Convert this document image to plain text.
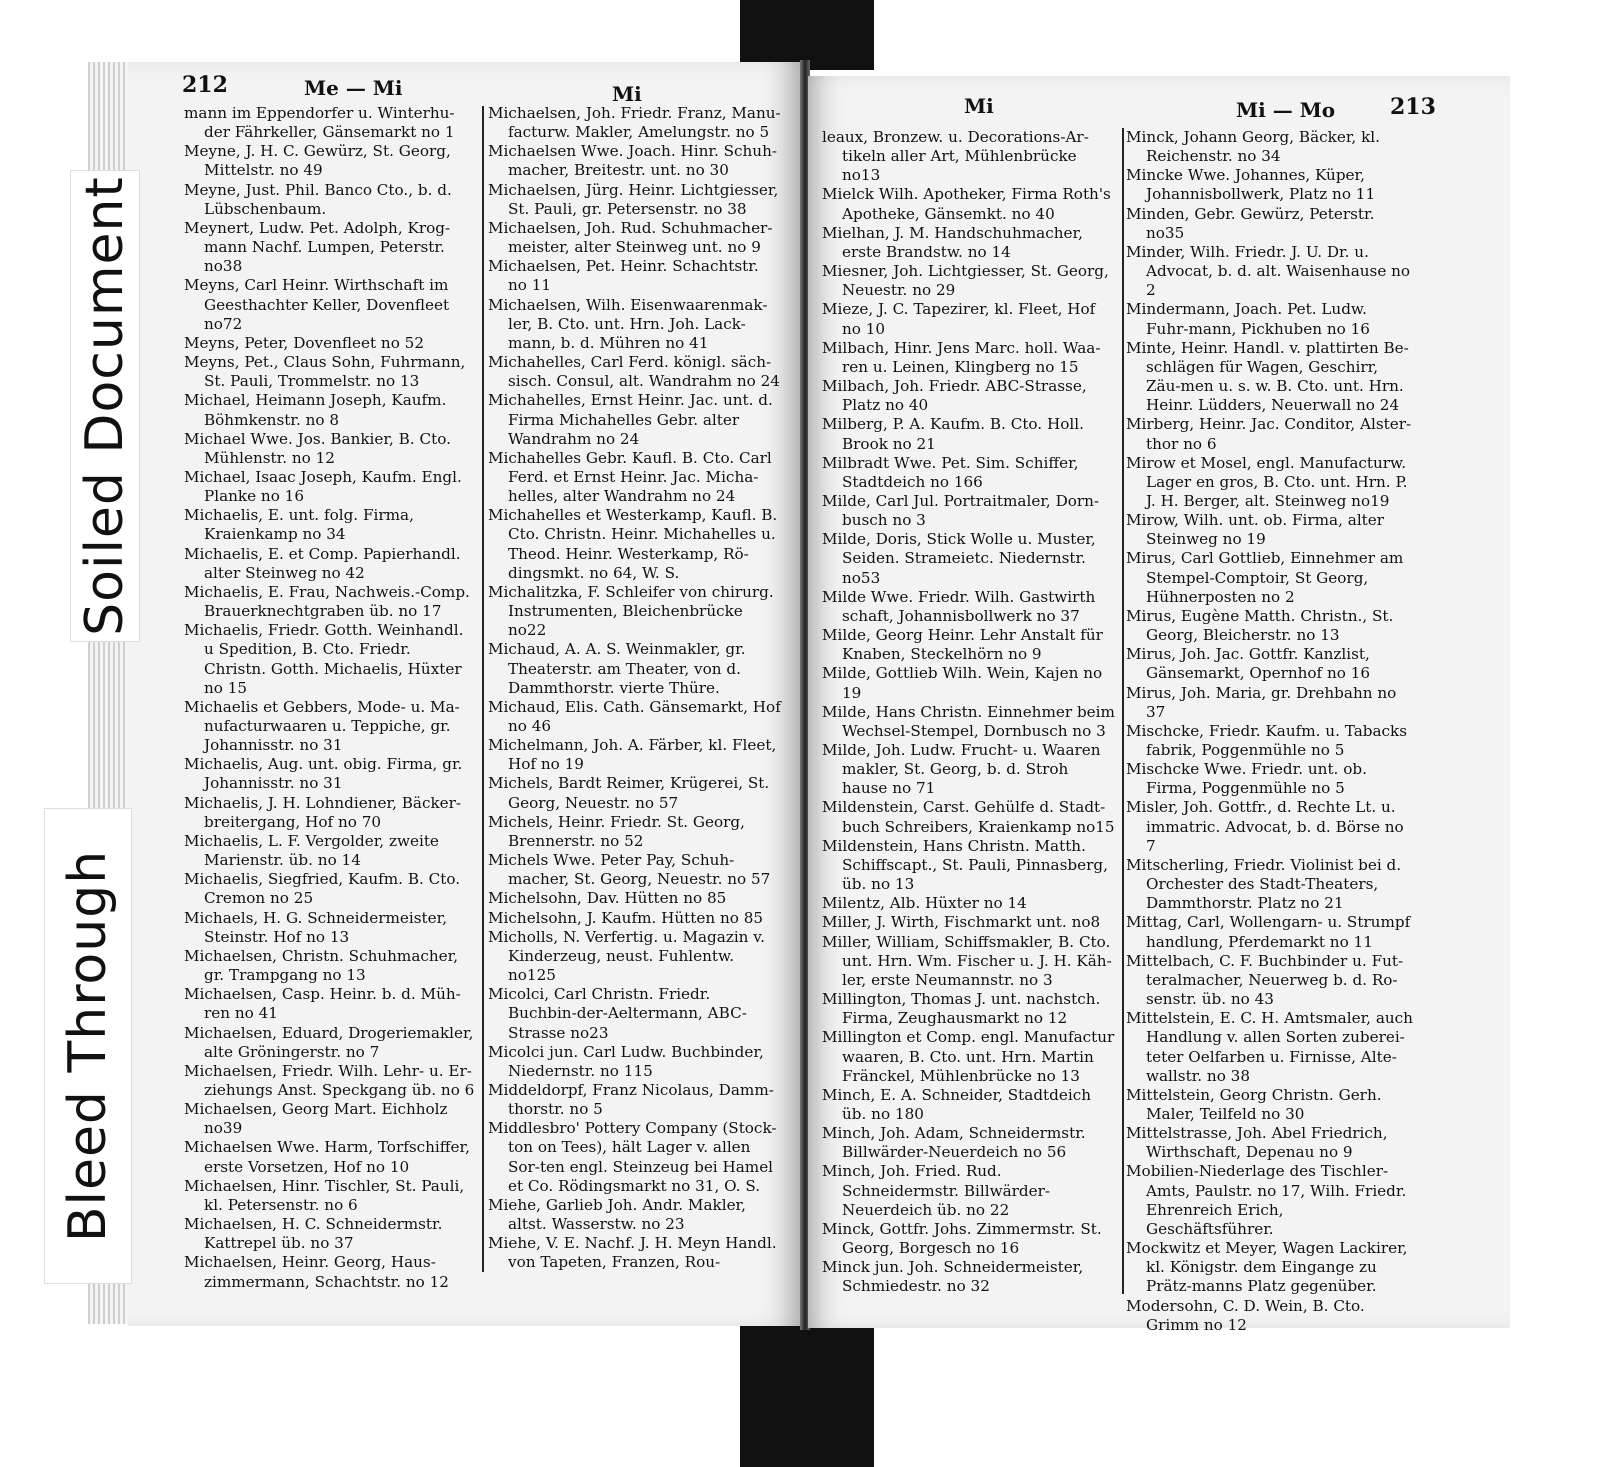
212	Me — Mi	Mi

mann im Eppendorfer u. Winterhu-der Fährkeller, Gänsemarkt no 1

Meyne, J. H. C. Gewürz, St. Georg, Mittelstr. no 49

Meyne, Just. Phil. Banco Cto., b. d. Lübschenbaum.

Meynert, Ludw. Pet. Adolph, Krog-mann Nachf. Lumpen, Peterstr. no38

Meyns, Carl Heinr. Wirthschaft im Geesthachter Keller, Dovenfleet no72

Meyns, Peter, Dovenfleet no 52

Meyns, Pet., Claus Sohn, Fuhrmann, St. Pauli, Trommelstr. no 13

Michael, Heimann Joseph, Kaufm. Böhmkenstr. no 8

Michael Wwe. Jos. Bankier, B. Cto. Mühlenstr. no 12

Michael, Isaac Joseph, Kaufm. Engl. Planke no 16

Michaelis, E. unt. folg. Firma, Kraienkamp no 34

Michaelis, E. et Comp. Papierhandl. alter Steinweg no 42

Michaelis, E. Frau, Nachweis.-Comp. Brauerknechtgraben üb. no 17

Michaelis, Friedr. Gotth. Weinhandl. u Spedition, B. Cto. Friedr. Christn. Gotth. Michaelis, Hüxter no 15

Michaelis et Gebbers, Mode- u. Ma-nufacturwaaren u. Teppiche, gr. Johannisstr. no 31

Michaelis, Aug. unt. obig. Firma, gr. Johannisstr. no 31

Michaelis, J. H. Lohndiener, Bäcker-breitergang, Hof no 70

Michaelis, L. F. Vergolder, zweite Marienstr. üb. no 14

Michaelis, Siegfried, Kaufm. B. Cto. Cremon no 25

Michaels, H. G. Schneidermeister, Steinstr. Hof no 13

Michaelsen, Christn. Schuhmacher, gr. Trampgang no 13

Michaelsen, Casp. Heinr. b. d. Müh-ren no 41

Michaelsen, Eduard, Drogeriemakler, alte Gröningerstr. no 7

Michaelsen, Friedr. Wilh. Lehr- u. Er-ziehungs Anst. Speckgang üb. no 6

Michaelsen, Georg Mart. Eichholz no39

Michaelsen Wwe. Harm, Torfschiffer, erste Vorsetzen, Hof no 10

Michaelsen, Hinr. Tischler, St. Pauli, kl. Petersenstr. no 6

Michaelsen, H. C. Schneidermstr. Kattrepel üb. no 37

Michaelsen, Heinr. Georg, Haus-zimmermann, Schachtstr. no 12

Michaelsen, Joh. Friedr. Franz, Manu-facturw. Makler, Amelungstr. no 5

Michaelsen Wwe. Joach. Hinr. Schuh-macher, Breitestr. unt. no 30

Michaelsen, Jürg. Heinr. Lichtgiesser, St. Pauli, gr. Petersenstr. no 38

Michaelsen, Joh. Rud. Schuhmacher-meister, alter Steinweg unt. no 9

Michaelsen, Pet. Heinr. Schachtstr. no 11

Michaelsen, Wilh. Eisenwaarenmak-ler, B. Cto. unt. Hrn. Joh. Lack-mann, b. d. Mühren no 41

Michahelles, Carl Ferd. königl. säch-sisch. Consul, alt. Wandrahm no 24

Michahelles, Ernst Heinr. Jac. unt. d. Firma Michahelles Gebr. alter Wandrahm no 24

Michahelles Gebr. Kaufl. B. Cto. Carl Ferd. et Ernst Heinr. Jac. Micha-helles, alter Wandrahm no 24

Michahelles et Westerkamp, Kaufl. B. Cto. Christn. Heinr. Michahelles u. Theod. Heinr. Westerkamp, Rö-dingsmkt. no 64, W. S.

Michalitzka, F. Schleifer von chirurg. Instrumenten, Bleichenbrücke no22

Michaud, A. A. S. Weinmakler, gr. Theaterstr. am Theater, von d. Dammthorstr. vierte Thüre.

Michaud, Elis. Cath. Gänsemarkt, Hof no 46

Michelmann, Joh. A. Färber, kl. Fleet, Hof no 19

Michels, Bardt Reimer, Krügerei, St. Georg, Neuestr. no 57

Michels, Heinr. Friedr. St. Georg, Brennerstr. no 52

Michels Wwe. Peter Pay, Schuh-macher, St. Georg, Neuestr. no 57

Michelsohn, Dav. Hütten no 85

Michelsohn, J. Kaufm. Hütten no 85

Micholls, N. Verfertig. u. Magazin v. Kinderzeug, neust. Fuhlentw. no125

Micolci, Carl Christn. Friedr. Buchbin-der-Aeltermann, ABC-Strasse no23

Micolci jun. Carl Ludw. Buchbinder, Niedernstr. no 115

Middeldorpf, Franz Nicolaus, Damm-thorstr. no 5

Middlesbro' Pottery Company (Stock-ton on Tees), hält Lager v. allen Sor-ten engl. Steinzeug bei Hamel et Co. Rödingsmarkt no 31, O. S.

Miehe, Garlieb Joh. Andr. Makler, altst. Wasserstw. no 23

Miehe, V. E. Nachf. J. H. Meyn Handl. von Tapeten, Franzen, Rou-

Mi	Mi — Mo 213

leaux, Bronzew. u. Decorations-Ar-tikeln aller Art, Mühlenbrücke no13

Mielck Wilh. Apotheker, Firma Roth's Apotheke, Gänsemkt. no 40

Mielhan, J. M. Handschuhmacher, erste Brandstw. no 14

Miesner, Joh. Lichtgiesser, St. Georg, Neuestr. no 29

Mieze, J. C. Tapezirer, kl. Fleet, Hof no 10

Milbach, Hinr. Jens Marc. holl. Waa-ren u. Leinen, Klingberg no 15

Milbach, Joh. Friedr. ABC-Strasse, Platz no 40

Milberg, P. A. Kaufm. B. Cto. Holl. Brook no 21

Milbradt Wwe. Pet. Sim. Schiffer, Stadtdeich no 166

Milde, Carl Jul. Portraitmaler, Dorn-busch no 3

Milde, Doris, Stick Wolle u. Muster, Seiden. Strameietc. Niedernstr. no53

Milde Wwe. Friedr. Wilh. Gastwirth schaft, Johannisbollwerk no 37

Milde, Georg Heinr. Lehr Anstalt für Knaben, Steckelhörn no 9

Milde, Gottlieb Wilh. Wein, Kajen no 19

Milde, Hans Christn. Einnehmer beim Wechsel-Stempel, Dornbusch no 3

Milde, Joh. Ludw. Frucht- u. Waaren makler, St. Georg, b. d. Stroh hause no 71

Mildenstein, Carst. Gehülfe d. Stadt-buch Schreibers, Kraienkamp no15

Mildenstein, Hans Christn. Matth. Schiffscapt., St. Pauli, Pinnasberg, üb. no 13

Milentz, Alb. Hüxter no 14

Miller, J. Wirth, Fischmarkt unt. no8

Miller, William, Schiffsmakler, B. Cto. unt. Hrn. Wm. Fischer u. J. H. Käh-ler, erste Neumannstr. no 3

Millington, Thomas J. unt. nachstch. Firma, Zeughausmarkt no 12

Millington et Comp. engl. Manufactur waaren, B. Cto. unt. Hrn. Martin Fränckel, Mühlenbrücke no 13

Minch, E. A. Schneider, Stadtdeich üb. no 180

Minch, Joh. Adam, Schneidermstr. Billwärder-Neuerdeich no 56

Minch, Joh. Fried. Rud. Schneidermstr. Billwärder-Neuerdeich üb. no 22

Minck, Gottfr. Johs. Zimmermstr. St. Georg, Borgesch no 16

Minck jun. Joh. Schneidermeister, Schmiedestr. no 32

Minck, Johann Georg, Bäcker, kl. Reichenstr. no 34

Mincke Wwe. Johannes, Küper, Johannisbollwerk, Platz no 11

Minden, Gebr. Gewürz, Peterstr. no35

Minder, Wilh. Friedr. J. U. Dr. u. Advocat, b. d. alt. Waisenhause no 2

Mindermann, Joach. Pet. Ludw. Fuhr-mann, Pickhuben no 16

Minte, Heinr. Handl. v. plattirten Be-schlägen für Wagen, Geschirr, Zäu-men u. s. w. B. Cto. unt. Hrn. Heinr. Lüdders, Neuerwall no 24

Mirberg, Heinr. Jac. Conditor, Alster-thor no 6

Mirow et Mosel, engl. Manufacturw. Lager en gros, B. Cto. unt. Hrn. P. J. H. Berger, alt. Steinweg no19

Mirow, Wilh. unt. ob. Firma, alter Steinweg no 19

Mirus, Carl Gottlieb, Einnehmer am Stempel-Comptoir, St Georg, Hühnerposten no 2

Mirus, Eugène Matth. Christn., St. Georg, Bleicherstr. no 13

Mirus, Joh. Jac. Gottfr. Kanzlist, Gänsemarkt, Opernhof no 16

Mirus, Joh. Maria, gr. Drehbahn no 37

Mischcke, Friedr. Kaufm. u. Tabacks fabrik, Poggenmühle no 5

Mischcke Wwe. Friedr. unt. ob. Firma, Poggenmühle no 5

Misler, Joh. Gottfr., d. Rechte Lt. u. immatric. Advocat, b. d. Börse no 7

Mitscherling, Friedr. Violinist bei d. Orchester des Stadt-Theaters, Dammthorstr. Platz no 21

Mittag, Carl, Wollengarn- u. Strumpf handlung, Pferdemarkt no 11

Mittelbach, C. F. Buchbinder u. Fut-teralmacher, Neuerweg b. d. Ro-senstr. üb. no 43

Mittelstein, E. C. H. Amtsmaler, auch Handlung v. allen Sorten zuberei-teter Oelfarben u. Firnisse, Alte-wallstr. no 38

Mittelstein, Georg Christn. Gerh. Maler, Teilfeld no 30

Mittelstrasse, Joh. Abel Friedrich, Wirthschaft, Depenau no 9

Mobilien-Niederlage des Tischler-Amts, Paulstr. no 17, Wilh. Friedr. Ehrenreich Erich, Geschäftsführer.

Mockwitz et Meyer, Wagen Lackirer, kl. Königstr. dem Eingange zu Prätz-manns Platz gegenüber.

Modersohn, C. D. Wein, B. Cto. Grimm no 12

Soiled Document
Bleed Through
